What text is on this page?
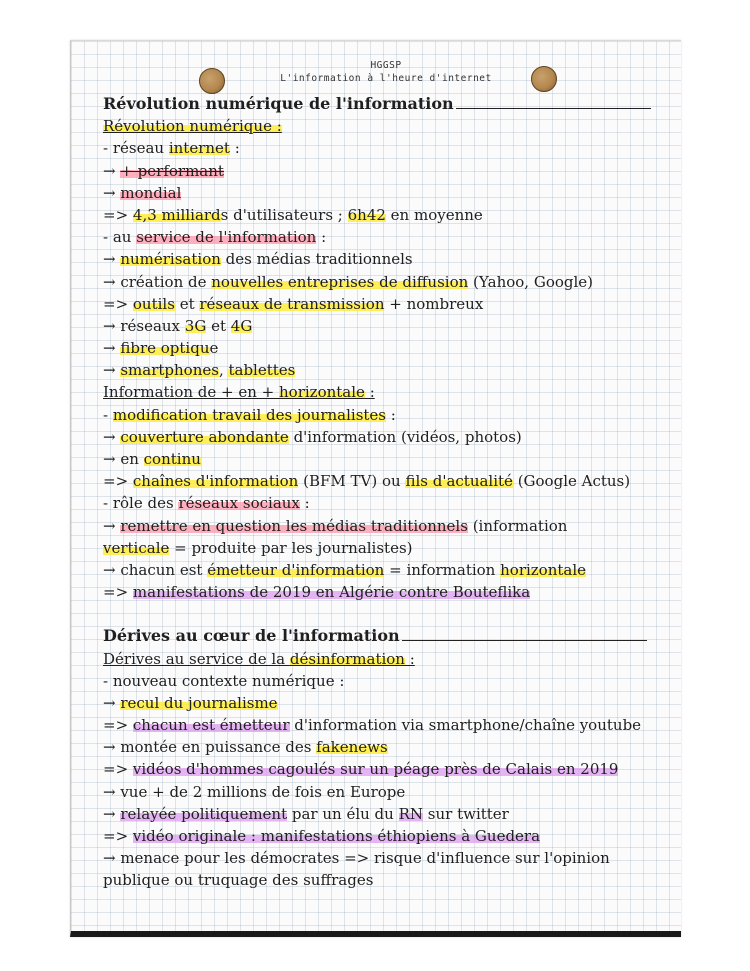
HGGSP
L'information à l'heure d'internet
Révolution numérique de l'information
Révolution numérique :
- réseau internet :
→ + performant
→ mondial
=> 4,3 milliards d'utilisateurs ; 6h42 en moyenne
- au service de l'information :
→ numérisation des médias traditionnels
→ création de nouvelles entreprises de diffusion (Yahoo, Google)
=> outils et réseaux de transmission + nombreux
→ réseaux 3G et 4G
→ fibre optique
→ smartphones, tablettes
Information de + en + horizontale :
- modification travail des journalistes :
→ couverture abondante d'information (vidéos, photos)
→ en continu
=> chaînes d'information (BFM TV) ou fils d'actualité (Google Actus)
- rôle des réseaux sociaux :
→ remettre en question les médias traditionnels (information
verticale = produite par les journalistes)
→ chacun est émetteur d'information = information horizontale
=> manifestations de 2019 en Algérie contre Bouteflika
Dérives au cœur de l'information
Dérives au service de la désinformation :
- nouveau contexte numérique :
→ recul du journalisme
=> chacun est émetteur d'information via smartphone/chaîne youtube
→ montée en puissance des fakenews
=> vidéos d'hommes cagoulés sur un péage près de Calais en 2019
→ vue + de 2 millions de fois en Europe
→ relayée politiquement par un élu du RN sur twitter
=> vidéo originale : manifestations éthiopiens à Guedera
→ menace pour les démocrates => risque d'influence sur l'opinion
publique ou truquage des suffrages
